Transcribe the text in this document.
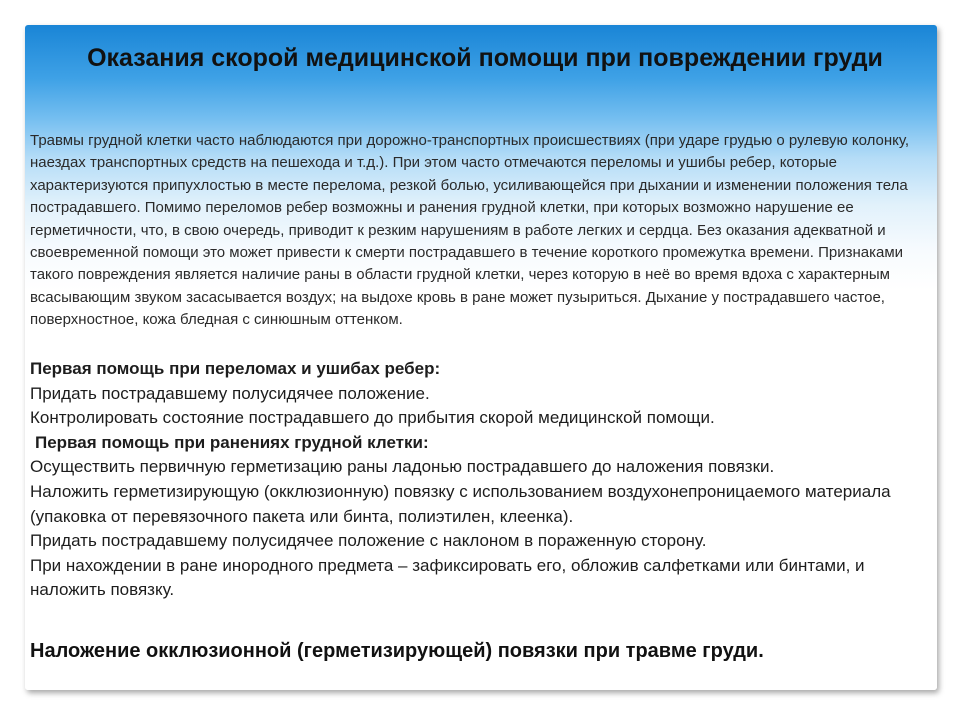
Оказания скорой медицинской помощи при повреждении груди

Травмы грудной клетки часто наблюдаются при дорожно-транспортных происшествиях (при ударе грудью о рулевую колонку, наездах транспортных средств на пешехода и т.д.). При этом часто отмечаются переломы и ушибы ребер, которые характеризуются припухлостью в месте перелома, резкой болью, усиливающейся при дыхании и изменении положения тела пострадавшего. Помимо переломов ребер возможны и ранения грудной клетки, при которых возможно нарушение ее герметичности, что, в свою очередь, приводит к резким нарушениям в работе легких и сердца. Без оказания адекватной и своевременной помощи это может привести к смерти пострадавшего в течение короткого промежутка времени. Признаками такого повреждения является наличие раны в области грудной клетки, через которую в неё во время вдоха с характерным всасывающим звуком засасывается воздух; на выдохе кровь в ране может пузыриться. Дыхание у пострадавшего частое, поверхностное, кожа бледная с синюшным оттенком.

Первая помощь при переломах и ушибах ребер:
Придать пострадавшему полусидячее положение.
Контролировать состояние пострадавшего до прибытия скорой медицинской помощи.
Первая помощь при ранениях грудной клетки:
Осуществить первичную герметизацию раны ладонью пострадавшего до наложения повязки.
Наложить герметизирующую (окклюзионную) повязку с использованием воздухонепроницаемого материала (упаковка от перевязочного пакета или бинта, полиэтилен, клеенка).
Придать пострадавшему полусидячее положение с наклоном в пораженную сторону.
При нахождении в ране инородного предмета – зафиксировать его, обложив салфетками или бинтами, и наложить повязку.

Наложение окклюзионной (герметизирующей) повязки при травме груди.
